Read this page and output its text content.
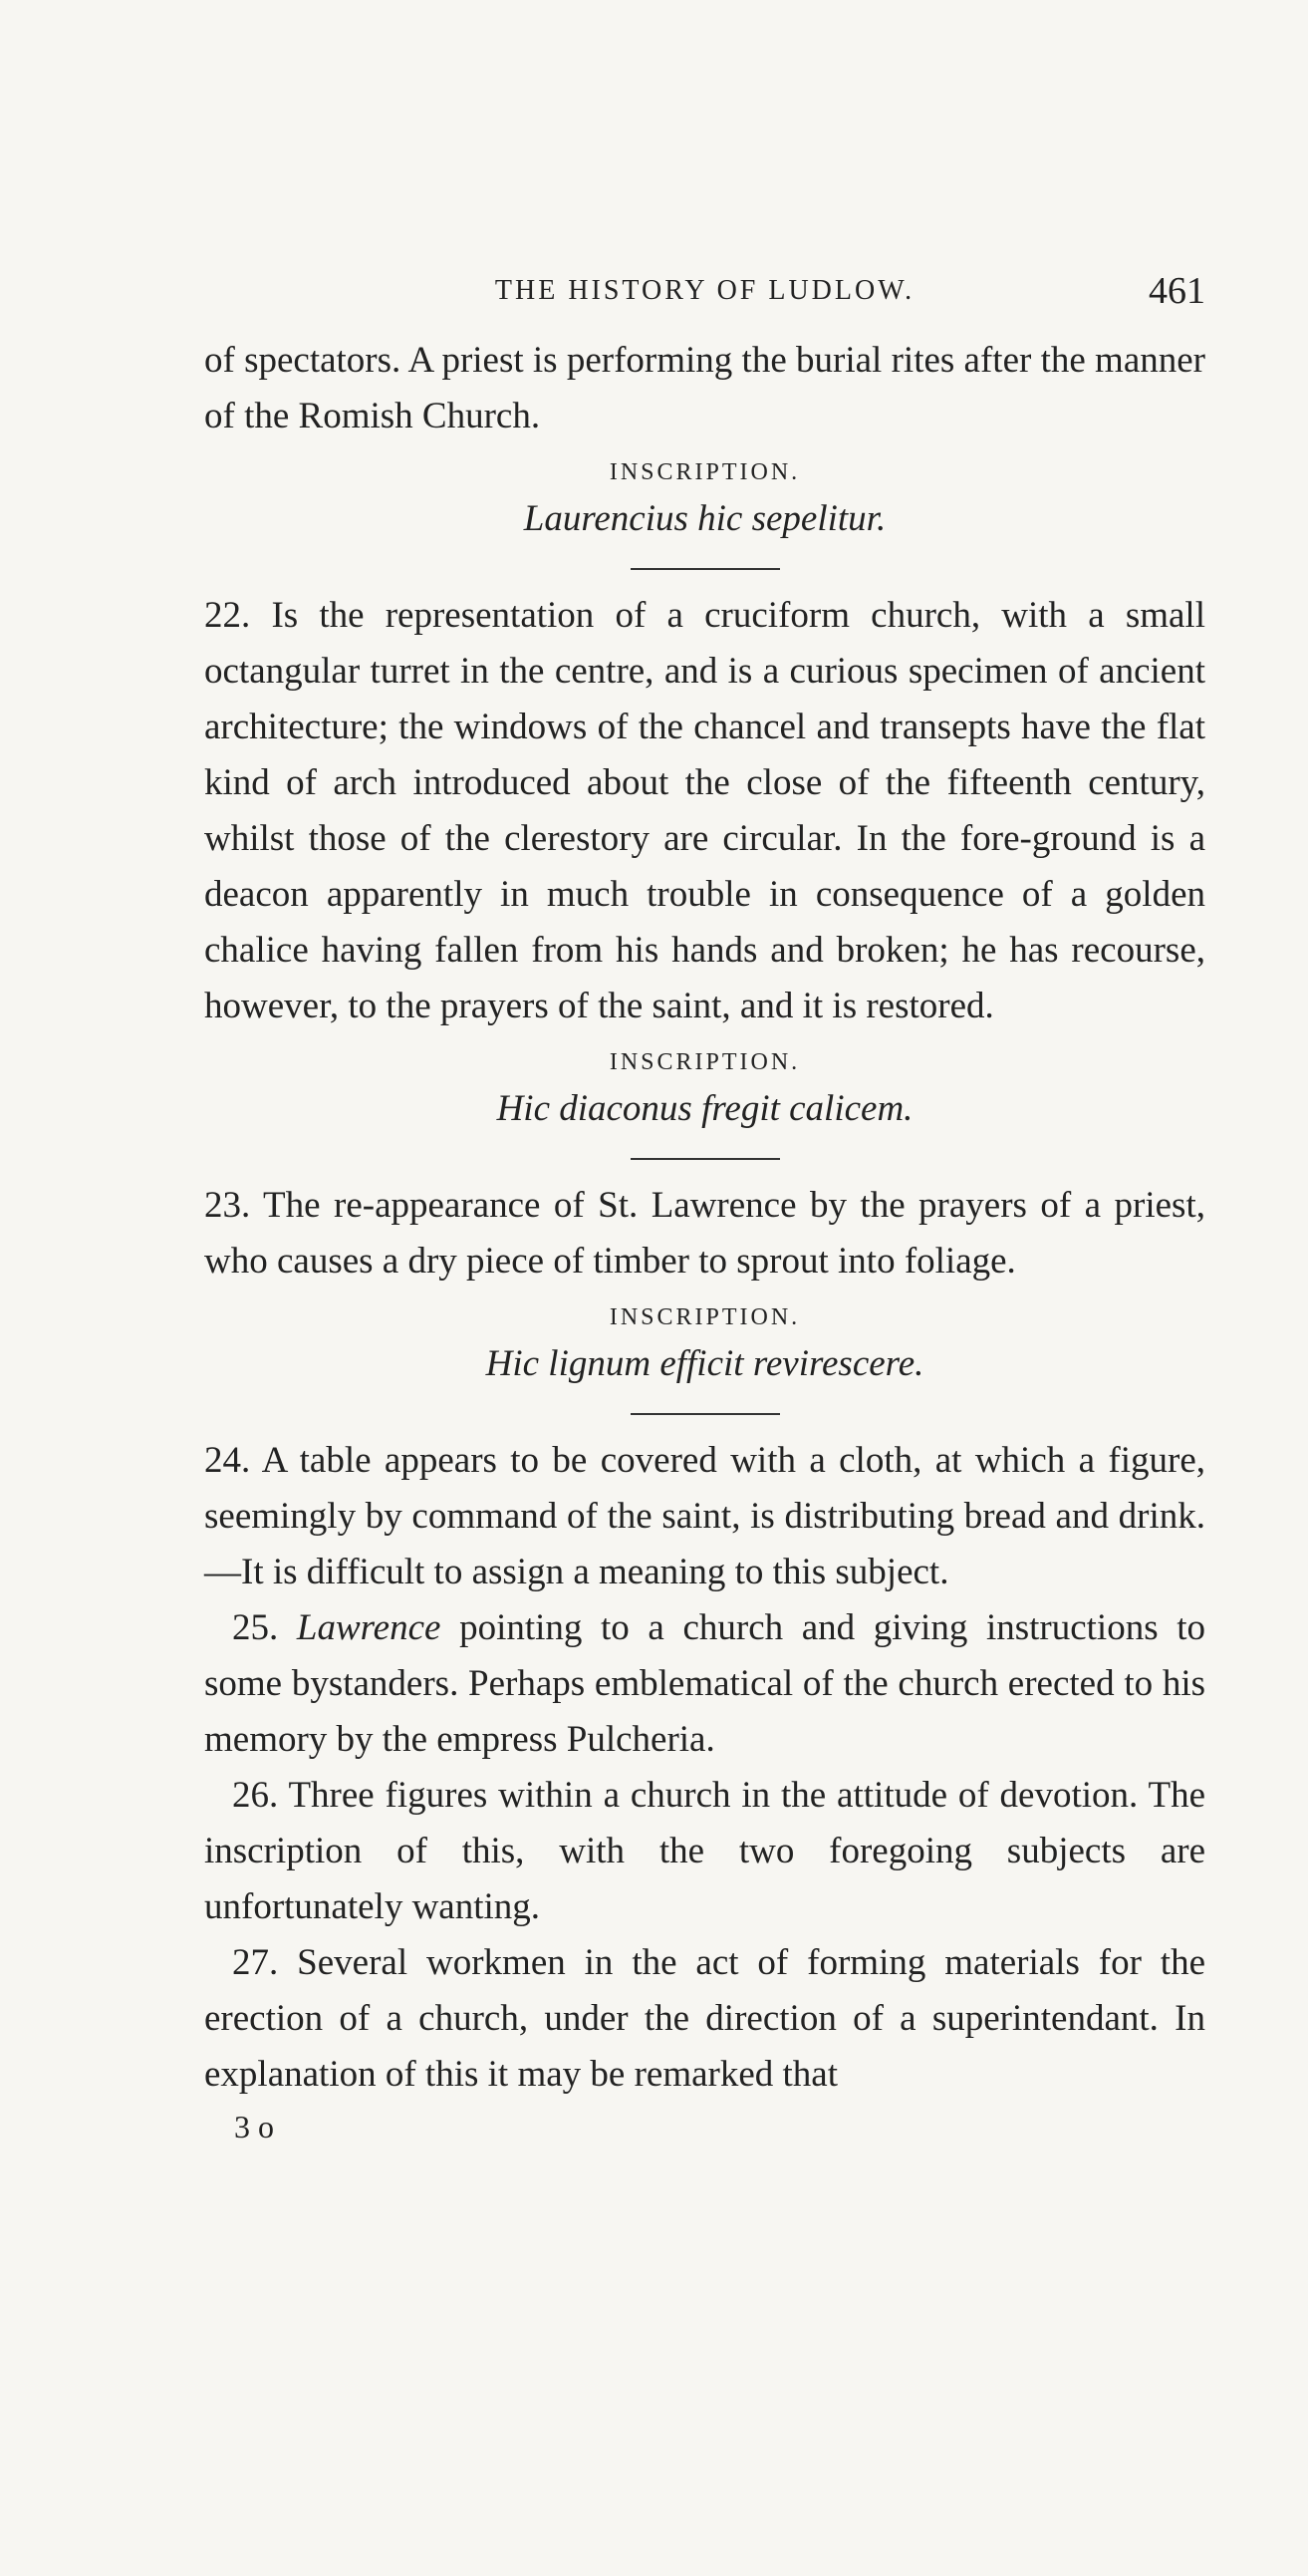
THE HISTORY OF LUDLOW.	461

of spectators. A priest is performing the burial rites after the manner of the Romish Church.

INSCRIPTION.
Laurencius hic sepelitur.

22. Is the representation of a cruciform church, with a small octangular turret in the centre, and is a curious specimen of ancient architecture; the windows of the chancel and transepts have the flat kind of arch introduced about the close of the fifteenth century, whilst those of the clerestory are circular. In the fore-ground is a deacon apparently in much trouble in consequence of a golden chalice having fallen from his hands and broken; he has recourse, however, to the prayers of the saint, and it is restored.

INSCRIPTION.
Hic diaconus fregit calicem.

23. The re-appearance of St. Lawrence by the prayers of a priest, who causes a dry piece of timber to sprout into foliage.

INSCRIPTION.
Hic lignum efficit revirescere.

24. A table appears to be covered with a cloth, at which a figure, seemingly by command of the saint, is distributing bread and drink.—It is difficult to assign a meaning to this subject.

25. Lawrence pointing to a church and giving instructions to some bystanders. Perhaps emblematical of the church erected to his memory by the empress Pulcheria.

26. Three figures within a church in the attitude of devotion. The inscription of this, with the two foregoing subjects are unfortunately wanting.

27. Several workmen in the act of forming materials for the erection of a church, under the direction of a superintendant. In explanation of this it may be remarked that

3 o
